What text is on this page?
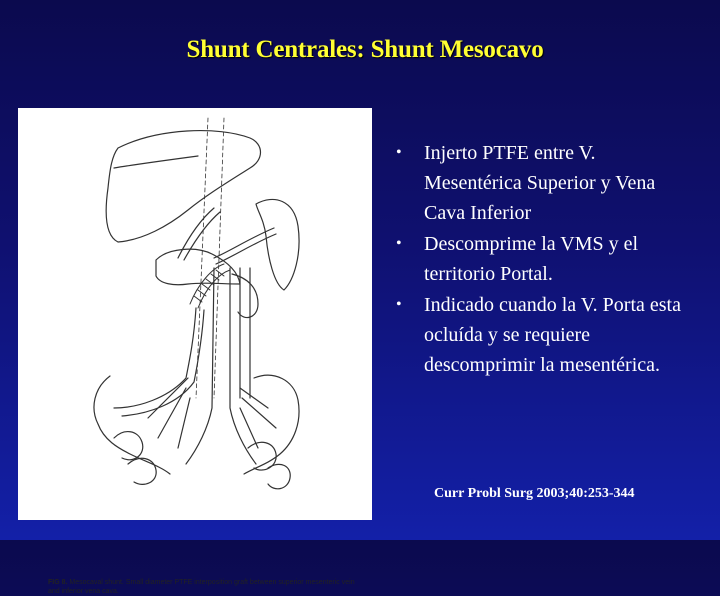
Shunt Centrales: Shunt Mesocavo
FIG 8. Mesocaval shunt. Small diameter PTFE interposition graft between superior mesenteric vein and inferior vena cava.
• Injerto PTFE entre V. Mesentérica Superior y Vena Cava Inferior
• Descomprime la VMS y el territorio Portal.
• Indicado cuando la V. Porta esta ocluída y se requiere descomprimir la mesentérica.
Curr Probl Surg 2003;40:253-344
